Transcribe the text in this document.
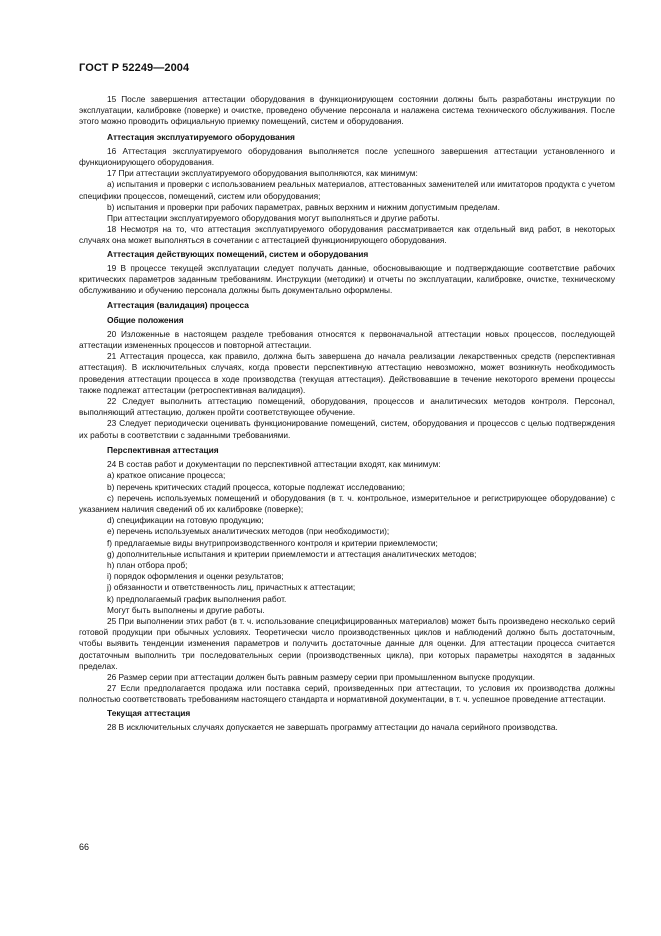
ГОСТ Р 52249—2004

15 После завершения аттестации оборудования в функционирующем состоянии должны быть разработаны инструкции по эксплуатации, калибровке (поверке) и очистке, проведено обучение персонала и налажена система технического обслуживания. После этого можно проводить официальную приемку помещений, систем и оборудования.

Аттестация эксплуатируемого оборудования

16 Аттестация эксплуатируемого оборудования выполняется после успешного завершения аттестации установленного и функционирующего оборудования.

17 При аттестации эксплуатируемого оборудования выполняются, как минимум:

а) испытания и проверки с использованием реальных материалов, аттестованных заменителей или имитаторов продукта с учетом специфики процессов, помещений, систем или оборудования;

b) испытания и проверки при рабочих параметрах, равных верхним и нижним допустимым пределам.

При аттестации эксплуатируемого оборудования могут выполняться и другие работы.

18 Несмотря на то, что аттестация эксплуатируемого оборудования рассматривается как отдельный вид работ, в некоторых случаях она может выполняться в сочетании с аттестацией функционирующего оборудования.

Аттестация действующих помещений, систем и оборудования

19 В процессе текущей эксплуатации следует получать данные, обосновывающие и подтверждающие соответствие рабочих критических параметров заданным требованиям. Инструкции (методики) и отчеты по эксплуатации, калибровке, очистке, техническому обслуживанию и обучению персонала должны быть документально оформлены.

Аттестация (валидация) процесса
Общие положения

20 Изложенные в настоящем разделе требования относятся к первоначальной аттестации новых процессов, последующей аттестации измененных процессов и повторной аттестации.

21 Аттестация процесса, как правило, должна быть завершена до начала реализации лекарственных средств (перспективная аттестация). В исключительных случаях, когда провести перспективную аттестацию невозможно, может возникнуть необходимость проведения аттестации процесса в ходе производства (текущая аттестация). Действовавшие в течение некоторого времени процессы также подлежат аттестации (ретроспективная валидация).

22 Следует выполнить аттестацию помещений, оборудования, процессов и аналитических методов контроля. Персонал, выполняющий аттестацию, должен пройти соответствующее обучение.

23 Следует периодически оценивать функционирование помещений, систем, оборудования и процессов с целью подтверждения их работы в соответствии с заданными требованиями.

Перспективная аттестация

24 В состав работ и документации по перспективной аттестации входят, как минимум:

а) краткое описание процесса;

b) перечень критических стадий процесса, которые подлежат исследованию;

с) перечень используемых помещений и оборудования (в т. ч. контрольное, измерительное и регистрирующее оборудование) с указанием наличия сведений об их калибровке (поверке);

d) спецификации на готовую продукцию;

е) перечень используемых аналитических методов (при необходимости);

f) предлагаемые виды внутрипроизводственного контроля и критерии приемлемости;

g) дополнительные испытания и критерии приемлемости и аттестация аналитических методов;

h) план отбора проб;

i) порядок оформления и оценки результатов;

j) обязанности и ответственность лиц, причастных к аттестации;

k) предполагаемый график выполнения работ.

Могут быть выполнены и другие работы.

25 При выполнении этих работ (в т. ч. использование специфицированных материалов) может быть произведено несколько серий готовой продукции при обычных условиях. Теоретически число производственных циклов и наблюдений должно быть достаточным, чтобы выявить тенденции изменения параметров и получить достаточные данные для оценки. Для аттестации процесса считается достаточным выполнить три последовательных серии (производственных цикла), при которых параметры находятся в заданных пределах.

26 Размер серии при аттестации должен быть равным размеру серии при промышленном выпуске продукции.

27 Если предполагается продажа или поставка серий, произведенных при аттестации, то условия их производства должны полностью соответствовать требованиям настоящего стандарта и нормативной документации, в т. ч. успешное проведение аттестации.

Текущая аттестация

28 В исключительных случаях допускается не завершать программу аттестации до начала серийного производства.

66
